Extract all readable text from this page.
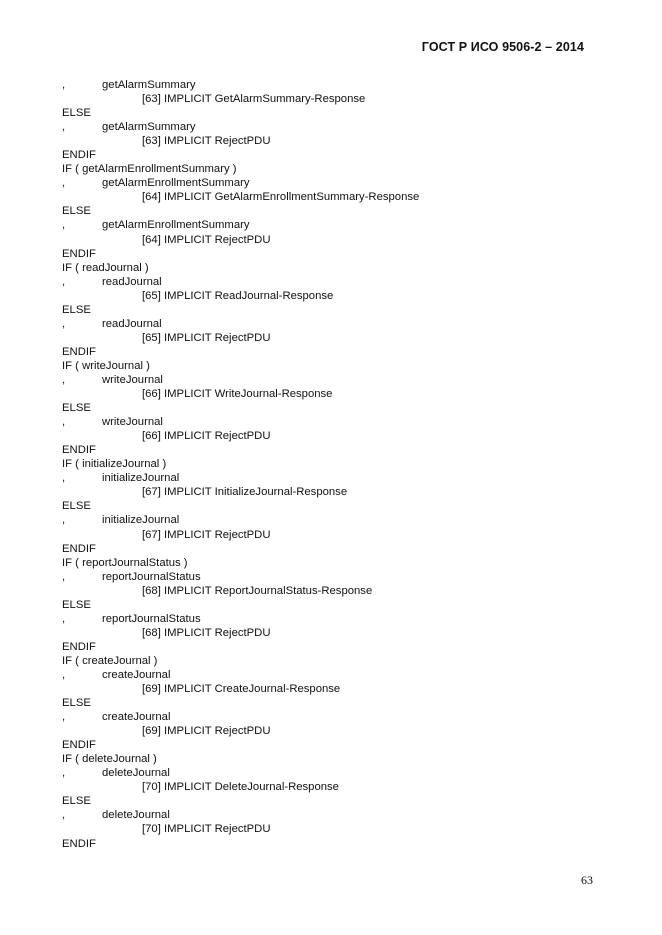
ГОСТ Р ИСО 9506-2 – 2014
,	getAlarmSummary
[63] IMPLICIT GetAlarmSummary-Response
ELSE
,	getAlarmSummary
[63] IMPLICIT RejectPDU
ENDIF
IF ( getAlarmEnrollmentSummary )
,	getAlarmEnrollmentSummary
[64] IMPLICIT GetAlarmEnrollmentSummary-Response
ELSE
,	getAlarmEnrollmentSummary
[64] IMPLICIT RejectPDU
ENDIF
IF ( readJournal )
,	readJournal
[65] IMPLICIT ReadJournal-Response
ELSE
,	readJournal
[65] IMPLICIT RejectPDU
ENDIF
IF ( writeJournal )
,	writeJournal
[66] IMPLICIT WriteJournal-Response
ELSE
,	writeJournal
[66] IMPLICIT RejectPDU
ENDIF
IF ( initializeJournal )
,	initializeJournal
[67] IMPLICIT InitializeJournal-Response
ELSE
,	initializeJournal
[67] IMPLICIT RejectPDU
ENDIF
IF ( reportJournalStatus )
,	reportJournalStatus
[68] IMPLICIT ReportJournalStatus-Response
ELSE
,	reportJournalStatus
[68] IMPLICIT RejectPDU
ENDIF
IF ( createJournal )
,	createJournal
[69] IMPLICIT CreateJournal-Response
ELSE
,	createJournal
[69] IMPLICIT RejectPDU
ENDIF
IF ( deleteJournal )
,	deleteJournal
[70] IMPLICIT DeleteJournal-Response
ELSE
,	deleteJournal
[70] IMPLICIT RejectPDU
ENDIF
63
